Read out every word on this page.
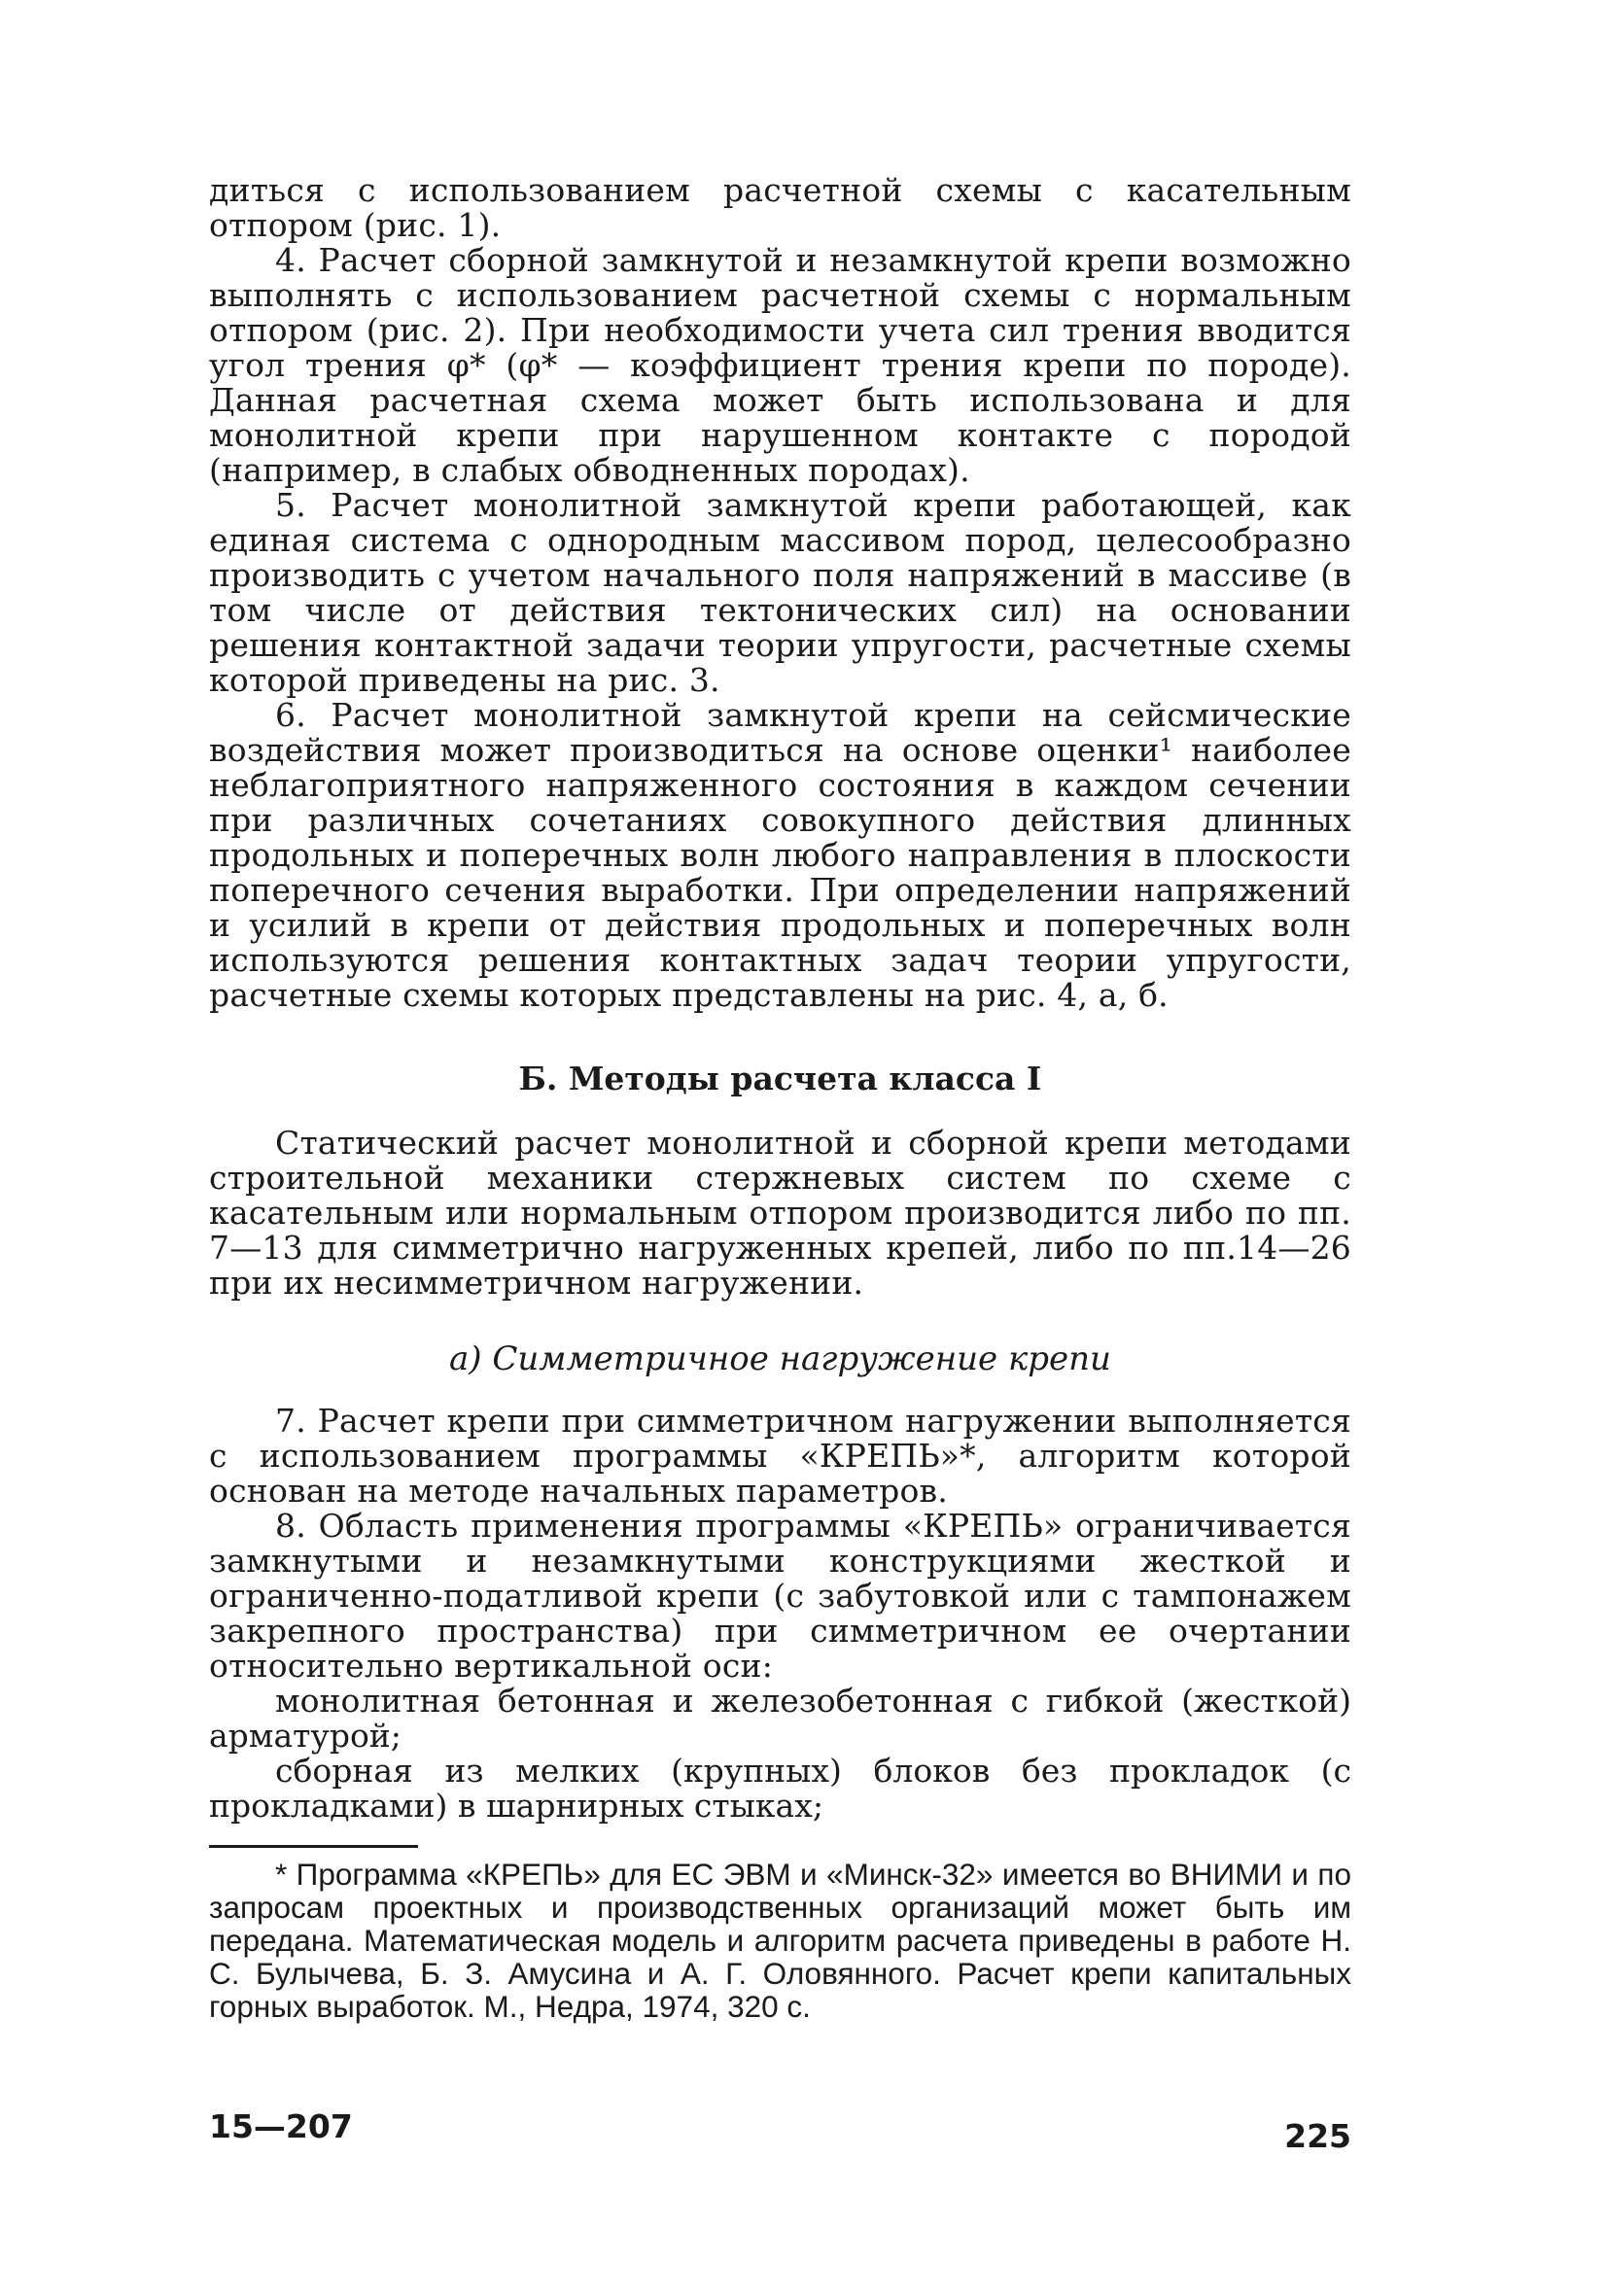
диться с использованием расчетной схемы с касательным отпором (рис. 1).

4. Расчет сборной замкнутой и незамкнутой крепи возможно выполнять с использованием расчетной схемы с нормальным отпором (рис. 2). При необходимости учета сил трения вводится угол трения φ* (φ* — коэффициент трения крепи по породе). Данная расчетная схема может быть использована и для монолитной крепи при нарушенном контакте с породой (например, в слабых обводненных породах).

5. Расчет монолитной замкнутой крепи работающей, как единая система с однородным массивом пород, целесообразно производить с учетом начального поля напряжений в массиве (в том числе от действия тектонических сил) на основании решения контактной задачи теории упругости, расчетные схемы которой приведены на рис. 3.

6. Расчет монолитной замкнутой крепи на сейсмические воздействия может производиться на основе оценки¹ наиболее неблагоприятного напряженного состояния в каждом сечении при различных сочетаниях совокупного действия длинных продольных и поперечных волн любого направления в плоскости поперечного сечения выработки. При определении напряжений и усилий в крепи от действия продольных и поперечных волн используются решения контактных задач теории упругости, расчетные схемы которых представлены на рис. 4, а, б.

Б. Методы расчета класса I

Статический расчет монолитной и сборной крепи методами строительной механики стержневых систем по схеме с касательным или нормальным отпором производится либо по пп. 7—13 для симметрично нагруженных крепей, либо по пп.14—26 при их несимметричном нагружении.

а) Симметричное нагружение крепи

7. Расчет крепи при симметричном нагружении выполняется с использованием программы «КРЕПЬ»*, алгоритм которой основан на методе начальных параметров.

8. Область применения программы «КРЕПЬ» ограничивается замкнутыми и незамкнутыми конструкциями жесткой и ограниченно-податливой крепи (с забутовкой или с тампонажем закрепного пространства) при симметричном ее очертании относительно вертикальной оси:

монолитная бетонная и железобетонная с гибкой (жесткой) арматурой;

сборная из мелких (крупных) блоков без прокладок (с прокладками) в шарнирных стыках;

* Программа «КРЕПЬ» для ЕС ЭВМ и «Минск-32» имеется во ВНИМИ и по запросам проектных и производственных организаций может быть им передана. Математическая модель и алгоритм расчета приведены в работе Н. С. Булычева, Б. З. Амусина и А. Г. Оловянного. Расчет крепи капитальных горных выработок. М., Недра, 1974, 320 с.

15—207	225
